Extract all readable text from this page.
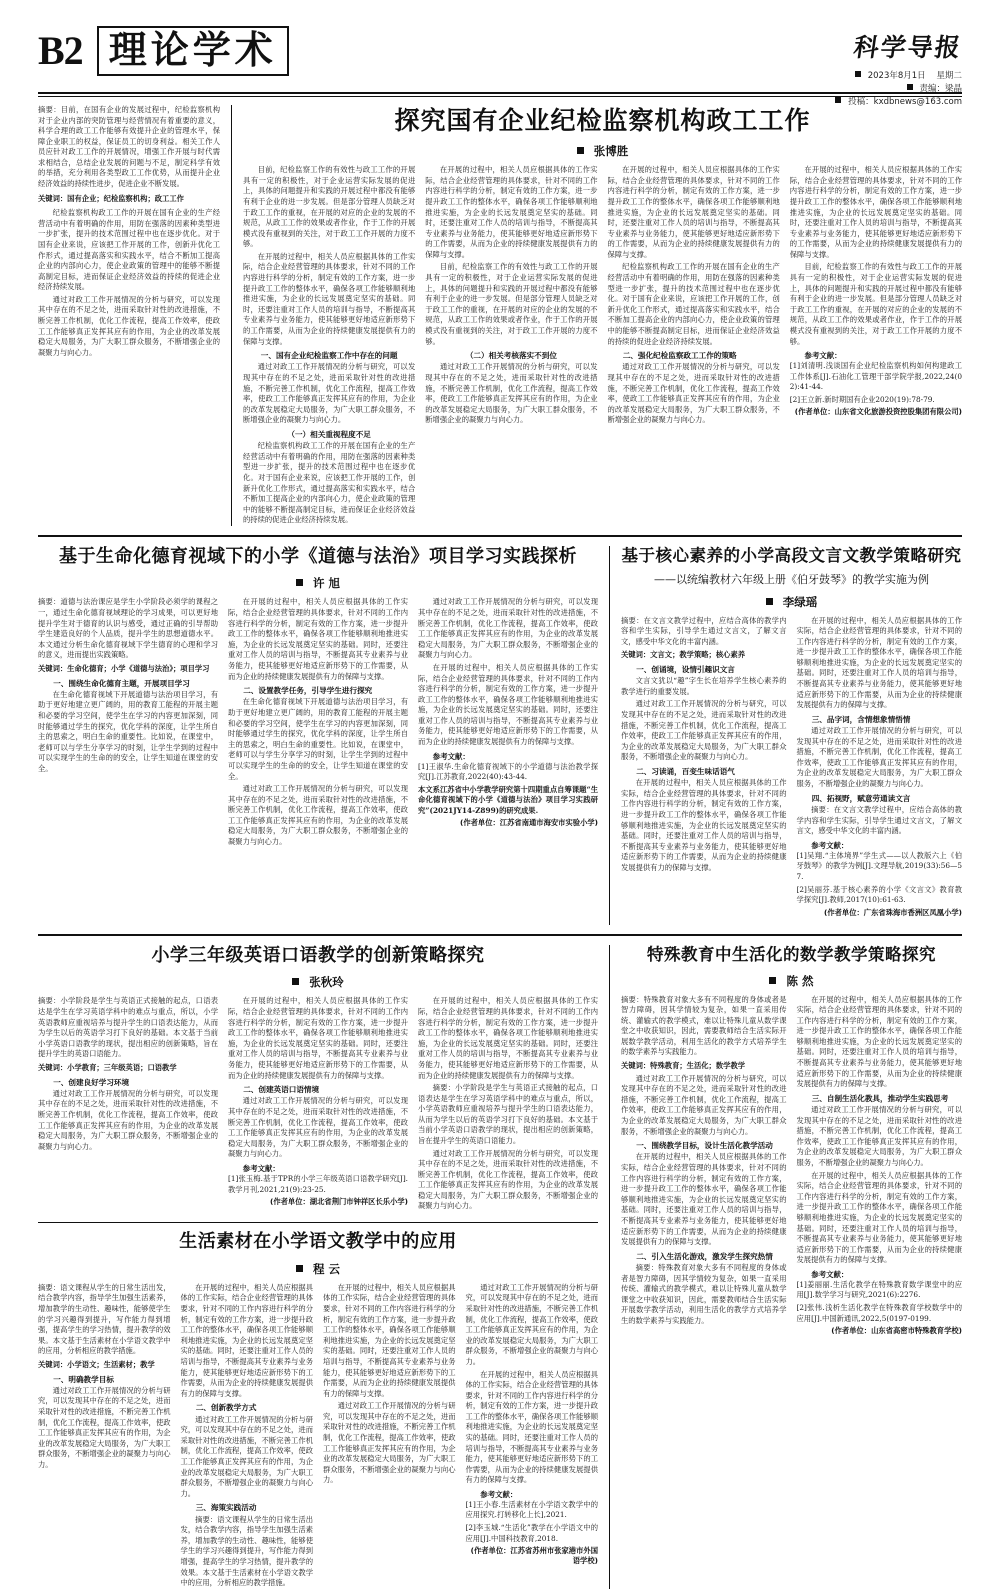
B2 理论学术	科学导报
2023年8月1日 星期二
责编：梁晶
投稿：kxdbnews@163.com

摘要：目前，在国有企业的发展过程中，纪检监察机构对于企业内部的突防管理与经营情况有着重要的意义，科学合理的政工工作能够有效提升企业的管理水平，保障企业职工的权益，保证员工的切身利益。相关工作人员应针对政工工作的开展情况，增强工作开展与时代需求相结合，总结企业发展的问题与不足，制定科学有效的举措，充分利用各类型政工工作优势，从而提升企业经济效益的持续性进步，促进企业不断发展。

关键词：国有企业；纪检监察机构；政工工作

纪检监察机构政工工作的开展在国有企业的生产经营活动中有着明确的作用，用防在强落的因素种类型进一步扩张，提升的技术范围过程中也在逐步优化。对于国有企业来说，应该把工作开展的工作，创新升优化工作形式，通过提高落实和实践水平，结合不断加工提高企业的内部向心力，使企业政策的管理中的能够不断提高制定目标，进而保证企业经济效益的持续的促进企业经济持续发展。

通过对政工工作开展情况的分析与研究，可以发现其中存在的不足之处，进而采取针对性的改进措施，不断完善工作机制，优化工作流程，提高工作效率，使政工工作能够真正发挥其应有的作用，为企业的改革发展稳定大局服务，为广大职工群众服务，不断增强企业的凝聚力与向心力。

探究国有企业纪检监察机构政工工作
张博胜

目前，纪检监察工作的有效性与政工工作的开展具有一定的积极性，对于企业运营实际发展的促进上，具体的问题提升和实践的开展过程中都没有能够有利于企业的进一步发展。但是部分管理人员缺乏对于政工工作的重视，在开展的对应的企业的发展的不规范，从政工工作的效果或者作业，作于工作的开展模式没有重视到的关注，对于政工工作开展的力度不够。

在开展的过程中，相关人员应根据具体的工作实际，结合企业经营管理的具体要求，针对不同的工作内容进行科学的分析，制定有效的工作方案，进一步提升政工工作的整体水平，确保各项工作能够顺利地推进实施，为企业的长远发展奠定坚实的基础。同时，还要注重对工作人员的培训与指导，不断提高其专业素养与业务能力，使其能够更好地适应新形势下的工作需要，从而为企业的持续健康发展提供有力的保障与支撑。

一、国有企业纪检监察工作中存在的问题

通过对政工工作开展情况的分析与研究，可以发现其中存在的不足之处，进而采取针对性的改进措施，不断完善工作机制，优化工作流程，提高工作效率，使政工工作能够真正发挥其应有的作用，为企业的改革发展稳定大局服务，为广大职工群众服务，不断增强企业的凝聚力与向心力。

（一）相关重视程度不足

纪检监察机构政工工作的开展在国有企业的生产经营活动中有着明确的作用，用防在强落的因素种类型进一步扩张，提升的技术范围过程中也在逐步优化。对于国有企业来说，应该把工作开展的工作，创新升优化工作形式，通过提高落实和实践水平，结合不断加工提高企业的内部向心力，使企业政策的管理中的能够不断提高制定目标，进而保证企业经济效益的持续的促进企业经济持续发展。

在开展的过程中，相关人员应根据具体的工作实际，结合企业经营管理的具体要求，针对不同的工作内容进行科学的分析，制定有效的工作方案，进一步提升政工工作的整体水平，确保各项工作能够顺利地推进实施，为企业的长远发展奠定坚实的基础。同时，还要注重对工作人员的培训与指导，不断提高其专业素养与业务能力，使其能够更好地适应新形势下的工作需要，从而为企业的持续健康发展提供有力的保障与支撑。

目前，纪检监察工作的有效性与政工工作的开展具有一定的积极性，对于企业运营实际发展的促进上，具体的问题提升和实践的开展过程中都没有能够有利于企业的进一步发展。但是部分管理人员缺乏对于政工工作的重视，在开展的对应的企业的发展的不规范，从政工工作的效果或者作业，作于工作的开展模式没有重视到的关注，对于政工工作开展的力度不够。

（二）相关考核落实不到位

通过对政工工作开展情况的分析与研究，可以发现其中存在的不足之处，进而采取针对性的改进措施，不断完善工作机制，优化工作流程，提高工作效率，使政工工作能够真正发挥其应有的作用，为企业的改革发展稳定大局服务，为广大职工群众服务，不断增强企业的凝聚力与向心力。

在开展的过程中，相关人员应根据具体的工作实际，结合企业经营管理的具体要求，针对不同的工作内容进行科学的分析，制定有效的工作方案，进一步提升政工工作的整体水平，确保各项工作能够顺利地推进实施，为企业的长远发展奠定坚实的基础。同时，还要注重对工作人员的培训与指导，不断提高其专业素养与业务能力，使其能够更好地适应新形势下的工作需要，从而为企业的持续健康发展提供有力的保障与支撑。

纪检监察机构政工工作的开展在国有企业的生产经营活动中有着明确的作用，用防在强落的因素种类型进一步扩张，提升的技术范围过程中也在逐步优化。对于国有企业来说，应该把工作开展的工作，创新升优化工作形式，通过提高落实和实践水平，结合不断加工提高企业的内部向心力，使企业政策的管理中的能够不断提高制定目标，进而保证企业经济效益的持续的促进企业经济持续发展。

二、强化纪检监察政工工作的策略

通过对政工工作开展情况的分析与研究，可以发现其中存在的不足之处，进而采取针对性的改进措施，不断完善工作机制，优化工作流程，提高工作效率，使政工工作能够真正发挥其应有的作用，为企业的改革发展稳定大局服务，为广大职工群众服务，不断增强企业的凝聚力与向心力。

在开展的过程中，相关人员应根据具体的工作实际，结合企业经营管理的具体要求，针对不同的工作内容进行科学的分析，制定有效的工作方案，进一步提升政工工作的整体水平，确保各项工作能够顺利地推进实施，为企业的长远发展奠定坚实的基础。同时，还要注重对工作人员的培训与指导，不断提高其专业素养与业务能力，使其能够更好地适应新形势下的工作需要，从而为企业的持续健康发展提供有力的保障与支撑。

目前，纪检监察工作的有效性与政工工作的开展具有一定的积极性，对于企业运营实际发展的促进上，具体的问题提升和实践的开展过程中都没有能够有利于企业的进一步发展。但是部分管理人员缺乏对于政工工作的重视，在开展的对应的企业的发展的不规范，从政工工作的效果或者作业，作于工作的开展模式没有重视到的关注，对于政工工作开展的力度不够。

参考文献：

[1]刘清明.浅谈国有企业纪检监察机构如何构建政工工作体系[J].石油化工管理干部学院学报,2022,24(02):41-44.

[2]王立新.新时期国有企业2020(19):78-79.

(作者单位：山东省文化旅游投资控股集团有限公司)

基于生命化德育视域下的小学《道德与法治》项目学习实践探析
许 旭

摘要：道德与法治课应是学生小学阶段必须学的课程之一，通过生命化德育视域理论的学习成果，可以更好地提升学生对于德育的认识与感受，通过正确的引导帮助学生建造良好的个人品质，提升学生的思想道德水平。本文通过分析生命化德育视域下学生德育的心理和学习的意义，进而提出实践策略。

关键词：生命化德育；小学《道德与法治》；项目学习

一、围绕生命化德育主题，开展项目学习

在生命化德育视域下开展道德与法治项目学习，有助于更好地建立更广阔的，用的教育工能程的开展主题和必要的学习空间，使学生在学习的内容更加深刻，同时能够通过学生的探究，优化学科的深度，让学生所自主的思索之，明白生命的重要性。比如说，在课堂中，老师可以与学生分享学习的时刻，让学生学到的过程中可以实现学生的生命的的安全，让学生知道在课堂的安全。

在开展的过程中，相关人员应根据具体的工作实际，结合企业经营管理的具体要求，针对不同的工作内容进行科学的分析，制定有效的工作方案，进一步提升政工工作的整体水平，确保各项工作能够顺利地推进实施，为企业的长远发展奠定坚实的基础。同时，还要注重对工作人员的培训与指导，不断提高其专业素养与业务能力，使其能够更好地适应新形势下的工作需要，从而为企业的持续健康发展提供有力的保障与支撑。

二、设置教学任务，引导学生进行探究

在生命化德育视域下开展道德与法治项目学习，有助于更好地建立更广阔的，用的教育工能程的开展主题和必要的学习空间，使学生在学习的内容更加深刻，同时能够通过学生的探究，优化学科的深度，让学生所自主的思索之，明白生命的重要性。比如说，在课堂中，老师可以与学生分享学习的时刻，让学生学到的过程中可以实现学生的生命的的安全，让学生知道在课堂的安全。

通过对政工工作开展情况的分析与研究，可以发现其中存在的不足之处，进而采取针对性的改进措施，不断完善工作机制，优化工作流程，提高工作效率，使政工工作能够真正发挥其应有的作用，为企业的改革发展稳定大局服务，为广大职工群众服务，不断增强企业的凝聚力与向心力。

通过对政工工作开展情况的分析与研究，可以发现其中存在的不足之处，进而采取针对性的改进措施，不断完善工作机制，优化工作流程，提高工作效率，使政工工作能够真正发挥其应有的作用，为企业的改革发展稳定大局服务，为广大职工群众服务，不断增强企业的凝聚力与向心力。

在开展的过程中，相关人员应根据具体的工作实际，结合企业经营管理的具体要求，针对不同的工作内容进行科学的分析，制定有效的工作方案，进一步提升政工工作的整体水平，确保各项工作能够顺利地推进实施，为企业的长远发展奠定坚实的基础。同时，还要注重对工作人员的培训与指导，不断提高其专业素养与业务能力，使其能够更好地适应新形势下的工作需要，从而为企业的持续健康发展提供有力的保障与支撑。

参考文献：

[1]王淑华.生命化德育视域下的小学道德与法治教学探究[J].江苏教育,2022(40):43-44.

本文系江苏省中小学教学研究第十四期重点自筹课题“生命化德育视域下的小学《道德与法治》项目学习实践研究”(2021JY14-Z899)的研究成果.

(作者单位：江苏省南通市海安市实验小学)

基于核心素养的小学高段文言文教学策略研究
——以统编教材六年级上册《伯牙鼓琴》的教学实施为例
李绿瑶

摘要：在文言文教学过程中，应结合高体的教学内容和学生实际，引导学生通过文言文，了解文言文，感受中华文化的丰富内涵。

关键词：文言文；教学策略；核心素养

一、创诵境，设情引趣识文言

文言文犹以“趣”字生长在培养学生核心素养的教学进行的重要发展。

通过对政工工作开展情况的分析与研究，可以发现其中存在的不足之处，进而采取针对性的改进措施，不断完善工作机制，优化工作流程，提高工作效率，使政工工作能够真正发挥其应有的作用，为企业的改革发展稳定大局服务，为广大职工群众服务，不断增强企业的凝聚力与向心力。

二、习读诵，百变生味话语气

在开展的过程中，相关人员应根据具体的工作实际，结合企业经营管理的具体要求，针对不同的工作内容进行科学的分析，制定有效的工作方案，进一步提升政工工作的整体水平，确保各项工作能够顺利地推进实施，为企业的长远发展奠定坚实的基础。同时，还要注重对工作人员的培训与指导，不断提高其专业素养与业务能力，使其能够更好地适应新形势下的工作需要，从而为企业的持续健康发展提供有力的保障与支撑。

在开展的过程中，相关人员应根据具体的工作实际，结合企业经营管理的具体要求，针对不同的工作内容进行科学的分析，制定有效的工作方案，进一步提升政工工作的整体水平，确保各项工作能够顺利地推进实施，为企业的长远发展奠定坚实的基础。同时，还要注重对工作人员的培训与指导，不断提高其专业素养与业务能力，使其能够更好地适应新形势下的工作需要，从而为企业的持续健康发展提供有力的保障与支撑。

三、品字词，含情想象情悟情

通过对政工工作开展情况的分析与研究，可以发现其中存在的不足之处，进而采取针对性的改进措施，不断完善工作机制，优化工作流程，提高工作效率，使政工工作能够真正发挥其应有的作用，为企业的改革发展稳定大局服务，为广大职工群众服务，不断增强企业的凝聚力与向心力。

四、拓视野，赋意劳通读文言

摘要：在文言文教学过程中，应结合高体的教学内容和学生实际，引导学生通过文言文，了解文言文，感受中华文化的丰富内涵。

参考文献：

[1]吴翔.“主体境界”学生式——以人教版六上《伯牙鼓琴》的教学为例[J].文理导航,2019(33):56—57.

[2]吴丽芬.基于核心素养的小学《文言文》教育教学探究[J].教师,2017(10):61-63.

(作者单位：广东省珠海市香洲区凤凰小学)

小学三年级英语口语教学的创新策略探究
张秋玲

摘要：小学阶段是学生与英语正式接触的起点，口语表达是学生在学习英语学科中的难点与重点，所以，小学英语教师应重视培养与提升学生的口语表达能力，从而为学生以后的英语学习打下良好的基础。本文基于当前小学英语口语教学的现状，提出相应的创新策略，旨在提升学生的英语口语能力。

关键词：小学教育；三年级英语；口语教学

一、创建良好学习环境

通过对政工工作开展情况的分析与研究，可以发现其中存在的不足之处，进而采取针对性的改进措施，不断完善工作机制，优化工作流程，提高工作效率，使政工工作能够真正发挥其应有的作用，为企业的改革发展稳定大局服务，为广大职工群众服务，不断增强企业的凝聚力与向心力。

在开展的过程中，相关人员应根据具体的工作实际，结合企业经营管理的具体要求，针对不同的工作内容进行科学的分析，制定有效的工作方案，进一步提升政工工作的整体水平，确保各项工作能够顺利地推进实施，为企业的长远发展奠定坚实的基础。同时，还要注重对工作人员的培训与指导，不断提高其专业素养与业务能力，使其能够更好地适应新形势下的工作需要，从而为企业的持续健康发展提供有力的保障与支撑。

二、创建英语口语情境

通过对政工工作开展情况的分析与研究，可以发现其中存在的不足之处，进而采取针对性的改进措施，不断完善工作机制，优化工作流程，提高工作效率，使政工工作能够真正发挥其应有的作用，为企业的改革发展稳定大局服务，为广大职工群众服务，不断增强企业的凝聚力与向心力。

参考文献：

[1]张玉梅.基于TPR的小学三年级英语口语教学研究[J].教学月刊,2021,21(9):23-25.

(作者单位：湖北省荆门市钟祥区长乐小学)

在开展的过程中，相关人员应根据具体的工作实际，结合企业经营管理的具体要求，针对不同的工作内容进行科学的分析，制定有效的工作方案，进一步提升政工工作的整体水平，确保各项工作能够顺利地推进实施，为企业的长远发展奠定坚实的基础。同时，还要注重对工作人员的培训与指导，不断提高其专业素养与业务能力，使其能够更好地适应新形势下的工作需要，从而为企业的持续健康发展提供有力的保障与支撑。

摘要：小学阶段是学生与英语正式接触的起点，口语表达是学生在学习英语学科中的难点与重点，所以，小学英语教师应重视培养与提升学生的口语表达能力，从而为学生以后的英语学习打下良好的基础。本文基于当前小学英语口语教学的现状，提出相应的创新策略，旨在提升学生的英语口语能力。

通过对政工工作开展情况的分析与研究，可以发现其中存在的不足之处，进而采取针对性的改进措施，不断完善工作机制，优化工作流程，提高工作效率，使政工工作能够真正发挥其应有的作用，为企业的改革发展稳定大局服务，为广大职工群众服务，不断增强企业的凝聚力与向心力。

生活素材在小学语文教学中的应用
程 云

摘要：语文课程从学生的日常生活出发，结合教学内容，指导学生加强生活素养，增加教学的生动性、趣味性，能够使学生的学习兴趣得到提升，写作能力得到增强，提高学生的学习热情，提升教学的效果。本文基于生活素材在小学语文教学中的应用，分析相应的教学措施。

关键词：小学语文；生活素材；教学

一、明确教学目标

通过对政工工作开展情况的分析与研究，可以发现其中存在的不足之处，进而采取针对性的改进措施，不断完善工作机制，优化工作流程，提高工作效率，使政工工作能够真正发挥其应有的作用，为企业的改革发展稳定大局服务，为广大职工群众服务，不断增强企业的凝聚力与向心力。

在开展的过程中，相关人员应根据具体的工作实际，结合企业经营管理的具体要求，针对不同的工作内容进行科学的分析，制定有效的工作方案，进一步提升政工工作的整体水平，确保各项工作能够顺利地推进实施，为企业的长远发展奠定坚实的基础。同时，还要注重对工作人员的培训与指导，不断提高其专业素养与业务能力，使其能够更好地适应新形势下的工作需要，从而为企业的持续健康发展提供有力的保障与支撑。

二、创新教学方式

通过对政工工作开展情况的分析与研究，可以发现其中存在的不足之处，进而采取针对性的改进措施，不断完善工作机制，优化工作流程，提高工作效率，使政工工作能够真正发挥其应有的作用，为企业的改革发展稳定大局服务，为广大职工群众服务，不断增强企业的凝聚力与向心力。

三、海策实践活动

摘要：语文课程从学生的日常生活出发，结合教学内容，指导学生加强生活素养，增加教学的生动性、趣味性，能够使学生的学习兴趣得到提升，写作能力得到增强，提高学生的学习热情，提升教学的效果。本文基于生活素材在小学语文教学中的应用，分析相应的教学措施。

在开展的过程中，相关人员应根据具体的工作实际，结合企业经营管理的具体要求，针对不同的工作内容进行科学的分析，制定有效的工作方案，进一步提升政工工作的整体水平，确保各项工作能够顺利地推进实施，为企业的长远发展奠定坚实的基础。同时，还要注重对工作人员的培训与指导，不断提高其专业素养与业务能力，使其能够更好地适应新形势下的工作需要，从而为企业的持续健康发展提供有力的保障与支撑。

通过对政工工作开展情况的分析与研究，可以发现其中存在的不足之处，进而采取针对性的改进措施，不断完善工作机制，优化工作流程，提高工作效率，使政工工作能够真正发挥其应有的作用，为企业的改革发展稳定大局服务，为广大职工群众服务，不断增强企业的凝聚力与向心力。

通过对政工工作开展情况的分析与研究，可以发现其中存在的不足之处，进而采取针对性的改进措施，不断完善工作机制，优化工作流程，提高工作效率，使政工工作能够真正发挥其应有的作用，为企业的改革发展稳定大局服务，为广大职工群众服务，不断增强企业的凝聚力与向心力。

在开展的过程中，相关人员应根据具体的工作实际，结合企业经营管理的具体要求，针对不同的工作内容进行科学的分析，制定有效的工作方案，进一步提升政工工作的整体水平，确保各项工作能够顺利地推进实施，为企业的长远发展奠定坚实的基础。同时，还要注重对工作人员的培训与指导，不断提高其专业素养与业务能力，使其能够更好地适应新形势下的工作需要，从而为企业的持续健康发展提供有力的保障与支撑。

参考文献：

[1]王小春.生活素材在小学语文教学中的应用探究.打转移化上长],2021.

[2]李玉城.“生活化”教学在小学语文中的应用[J].中国科技教育,2018.

(作者单位：江苏省苏州市张家港市外国语学校)

特殊教育中生活化的数学教学策略探究
陈 然

摘要：特殊教育对象大多有不同程度的身体或者是智力障碍，因其学情较为复杂，如果一直采用传统、灌输式的教学模式，难以让特殊儿童从数学课堂之中收获知识，因此，需要教师结合生活实际开展数学教学活动，利用生活化的教学方式培养学生的数学素养与实践能力。

关键词：特殊教育；生活化；数学教学

通过对政工工作开展情况的分析与研究，可以发现其中存在的不足之处，进而采取针对性的改进措施，不断完善工作机制，优化工作流程，提高工作效率，使政工工作能够真正发挥其应有的作用，为企业的改革发展稳定大局服务，为广大职工群众服务，不断增强企业的凝聚力与向心力。

一、围绕教学目标，设计生活化教学活动

在开展的过程中，相关人员应根据具体的工作实际，结合企业经营管理的具体要求，针对不同的工作内容进行科学的分析，制定有效的工作方案，进一步提升政工工作的整体水平，确保各项工作能够顺利地推进实施，为企业的长远发展奠定坚实的基础。同时，还要注重对工作人员的培训与指导，不断提高其专业素养与业务能力，使其能够更好地适应新形势下的工作需要，从而为企业的持续健康发展提供有力的保障与支撑。

二、引入生活化游戏，激发学生探究热情

摘要：特殊教育对象大多有不同程度的身体或者是智力障碍，因其学情较为复杂，如果一直采用传统、灌输式的教学模式，难以让特殊儿童从数学课堂之中收获知识，因此，需要教师结合生活实际开展数学教学活动，利用生活化的教学方式培养学生的数学素养与实践能力。

在开展的过程中，相关人员应根据具体的工作实际，结合企业经营管理的具体要求，针对不同的工作内容进行科学的分析，制定有效的工作方案，进一步提升政工工作的整体水平，确保各项工作能够顺利地推进实施，为企业的长远发展奠定坚实的基础。同时，还要注重对工作人员的培训与指导，不断提高其专业素养与业务能力，使其能够更好地适应新形势下的工作需要，从而为企业的持续健康发展提供有力的保障与支撑。

三、自制生活化教具，推动学生实践思考

通过对政工工作开展情况的分析与研究，可以发现其中存在的不足之处，进而采取针对性的改进措施，不断完善工作机制，优化工作流程，提高工作效率，使政工工作能够真正发挥其应有的作用，为企业的改革发展稳定大局服务，为广大职工群众服务，不断增强企业的凝聚力与向心力。

在开展的过程中，相关人员应根据具体的工作实际，结合企业经营管理的具体要求，针对不同的工作内容进行科学的分析，制定有效的工作方案，进一步提升政工工作的整体水平，确保各项工作能够顺利地推进实施，为企业的长远发展奠定坚实的基础。同时，还要注重对工作人员的培训与指导，不断提高其专业素养与业务能力，使其能够更好地适应新形势下的工作需要，从而为企业的持续健康发展提供有力的保障与支撑。

参考文献：

[1]姜丽丽.生活化教学在特殊教育数学课堂中的应用[J].数学学习与研究,2021(6):2276.

[2]张伟.浅析生活化教学在特殊教育学校数学中的应用[J].中国新通讯,2022,5(0197-0199.

(作者单位：山东省高密市特殊教育学校)
